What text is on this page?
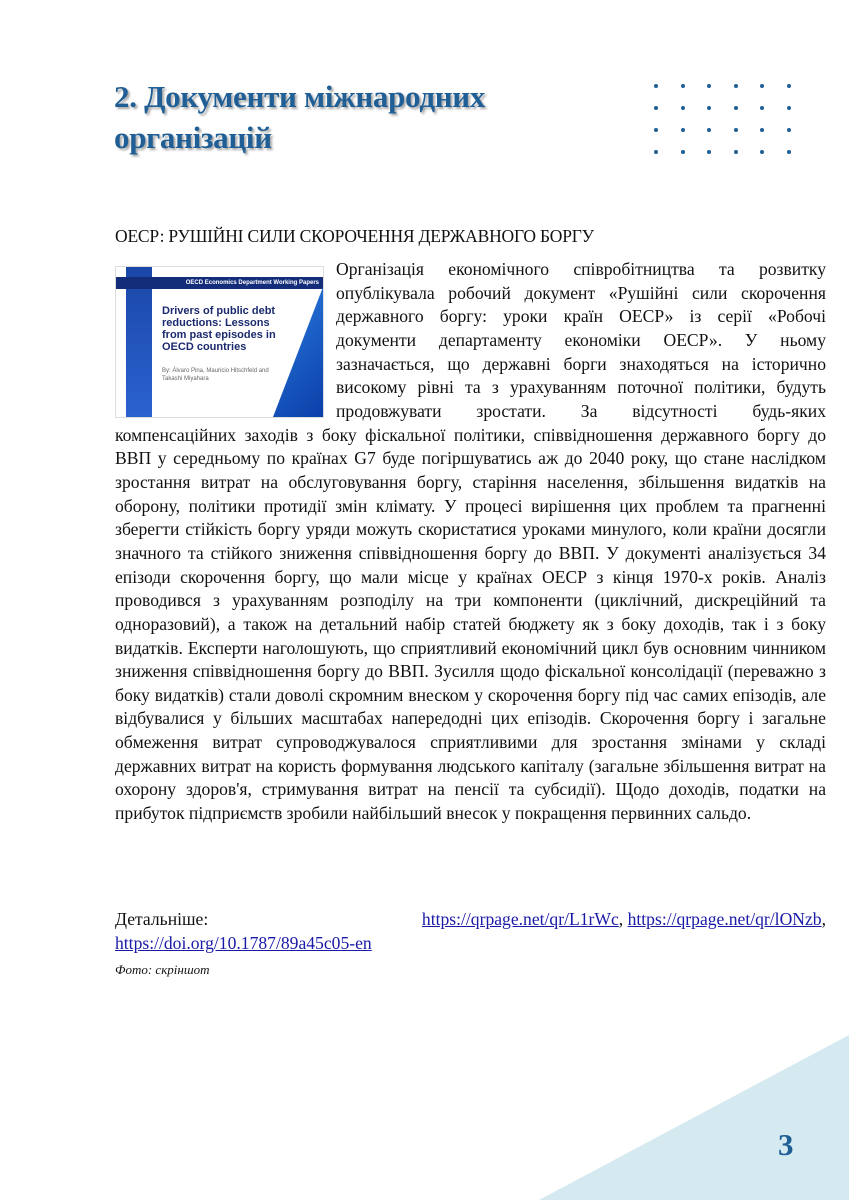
2. Документи міжнародних
організацій
ОЕСР: РУШІЙНІ СИЛИ СКОРОЧЕННЯ ДЕРЖАВНОГО БОРГУ
OECD Economics Department Working Papers
Drivers of public debt reductions: Lessons from past episodes in OECD countries
By: Álvaro Pina, Mauricio Hitschfeld and Takashi Miyahara
Організація економічного співробітництва та розвитку опублікувала робочий документ «Рушійні сили скорочення державного боргу: уроки країн ОЕСР» із серії «Робочі документи департаменту економіки ОЕСР». У ньому зазначається, що державні борги знаходяться на історично високому рівні та з урахуванням поточної політики, будуть продовжувати зростати. За відсутності будь-яких компенсаційних заходів з боку фіскальної політики, співвідношення державного боргу до ВВП у середньому по країнах G7 буде погіршуватись аж до 2040 року, що стане наслідком зростання витрат на обслуговування боргу, старіння населення, збільшення видатків на оборону, політики протидії змін клімату. У процесі вирішення цих проблем та прагненні зберегти стійкість боргу уряди можуть скористатися уроками минулого, коли країни досягли значного та стійкого зниження співвідношення боргу до ВВП. У документі аналізується 34 епізоди скорочення боргу, що мали місце у країнах ОЕСР з кінця 1970-х років. Аналіз проводився з урахуванням розподілу на три компоненти (циклічний, дискреційний та одноразовий), а також на детальний набір статей бюджету як з боку доходів, так і з боку видатків. Експерти наголошують, що сприятливий економічний цикл був основним чинником зниження співвідношення боргу до ВВП. Зусилля щодо фіскальної консолідації (переважно з боку видатків) стали доволі скромним внеском у скорочення боргу під час самих епізодів, але відбувалися у більших масштабах напередодні цих епізодів. Скорочення боргу і загальне обмеження витрат супроводжувалося сприятливими для зростання змінами у складі державних витрат на користь формування людського капіталу (загальне збільшення витрат на охорону здоров'я, стримування витрат на пенсії та субсидії). Щодо доходів, податки на прибуток підприємств зробили найбільший внесок у покращення первинних сальдо.
Детальніше:	https://qrpage.net/qr/L1rWc, https://qrpage.net/qr/lONzb,
https://doi.org/10.1787/89a45c05-en
Фото: скріншот
3
